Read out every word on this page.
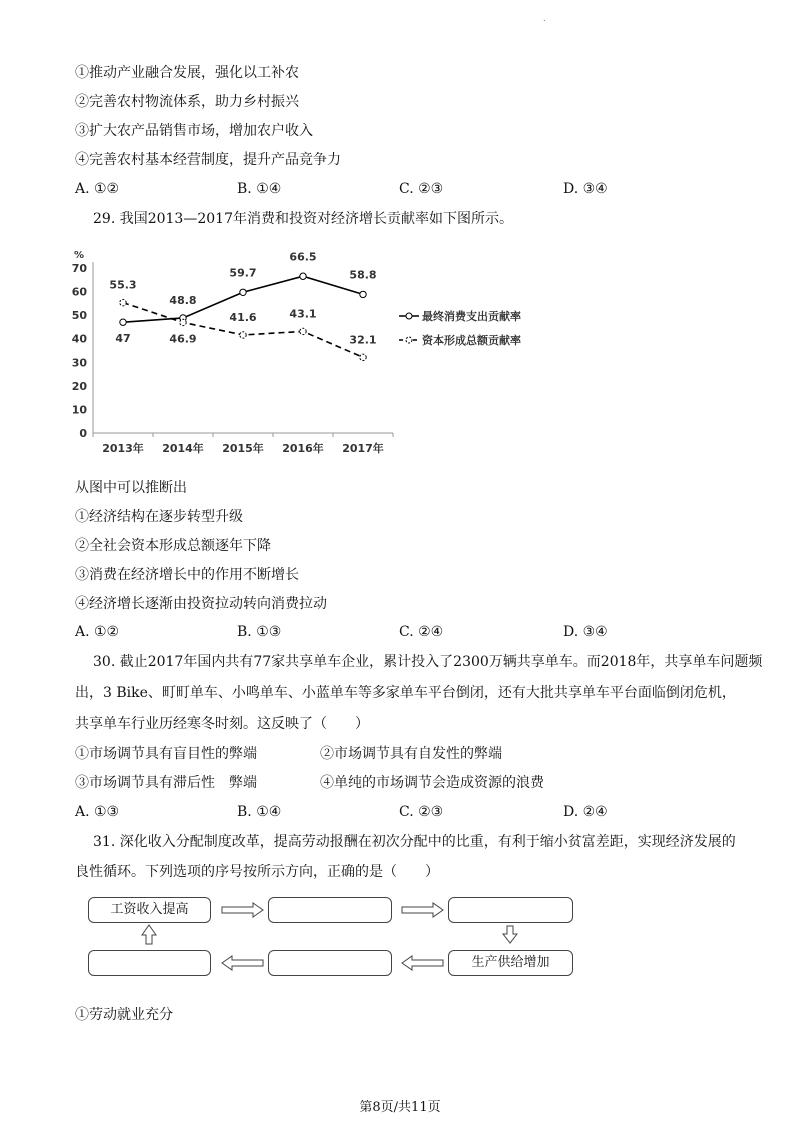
.
①推动产业融合发展，强化以工补农
②完善农村物流体系，助力乡村振兴
③扩大农产品销售市场，增加农户收入
④完善农村基本经营制度，提升产品竞争力
A. ①②	B. ①④	C. ②③	D. ③④
29. 我国2013—2017年消费和投资对经济增长贡献率如下图所示。
%
0
10
20
30
40
50
60
70
2013年 2014年 2015年 2016年 2017年
47
48.8
59.7
66.5
58.8
55.3
46.9
41.6	43.1
32.1
最终消费支出贡献率
资本形成总额贡献率
从图中可以推断出
①经济结构在逐步转型升级
②全社会资本形成总额逐年下降
③消费在经济增长中的作用不断增长
④经济增长逐渐由投资拉动转向消费拉动
A. ①②	B. ①③	C. ②④	D. ③④
30. 截止2017年国内共有77家共享单车企业，累计投入了2300万辆共享单车。而2018年，共享单车问题频
出，3 Bike、町町单车、小鸣单车、小蓝单车等多家单车平台倒闭，还有大批共享单车平台面临倒闭危机，
共享单车行业历经寒冬时刻。这反映了（　　）
①市场调节具有盲目性的弊端	②市场调节具有自发性的弊端
③市场调节具有滞后性　弊端	④单纯的市场调节会造成资源的浪费
A. ①③	B. ①④	C. ②③	D. ②④
31. 深化收入分配制度改革，提高劳动报酬在初次分配中的比重，有利于缩小贫富差距，实现经济发展的
良性循环。下列选项的序号按所示方向，正确的是（　　）
工资收入提高
生产供给增加
①劳动就业充分
第8页/共11页
